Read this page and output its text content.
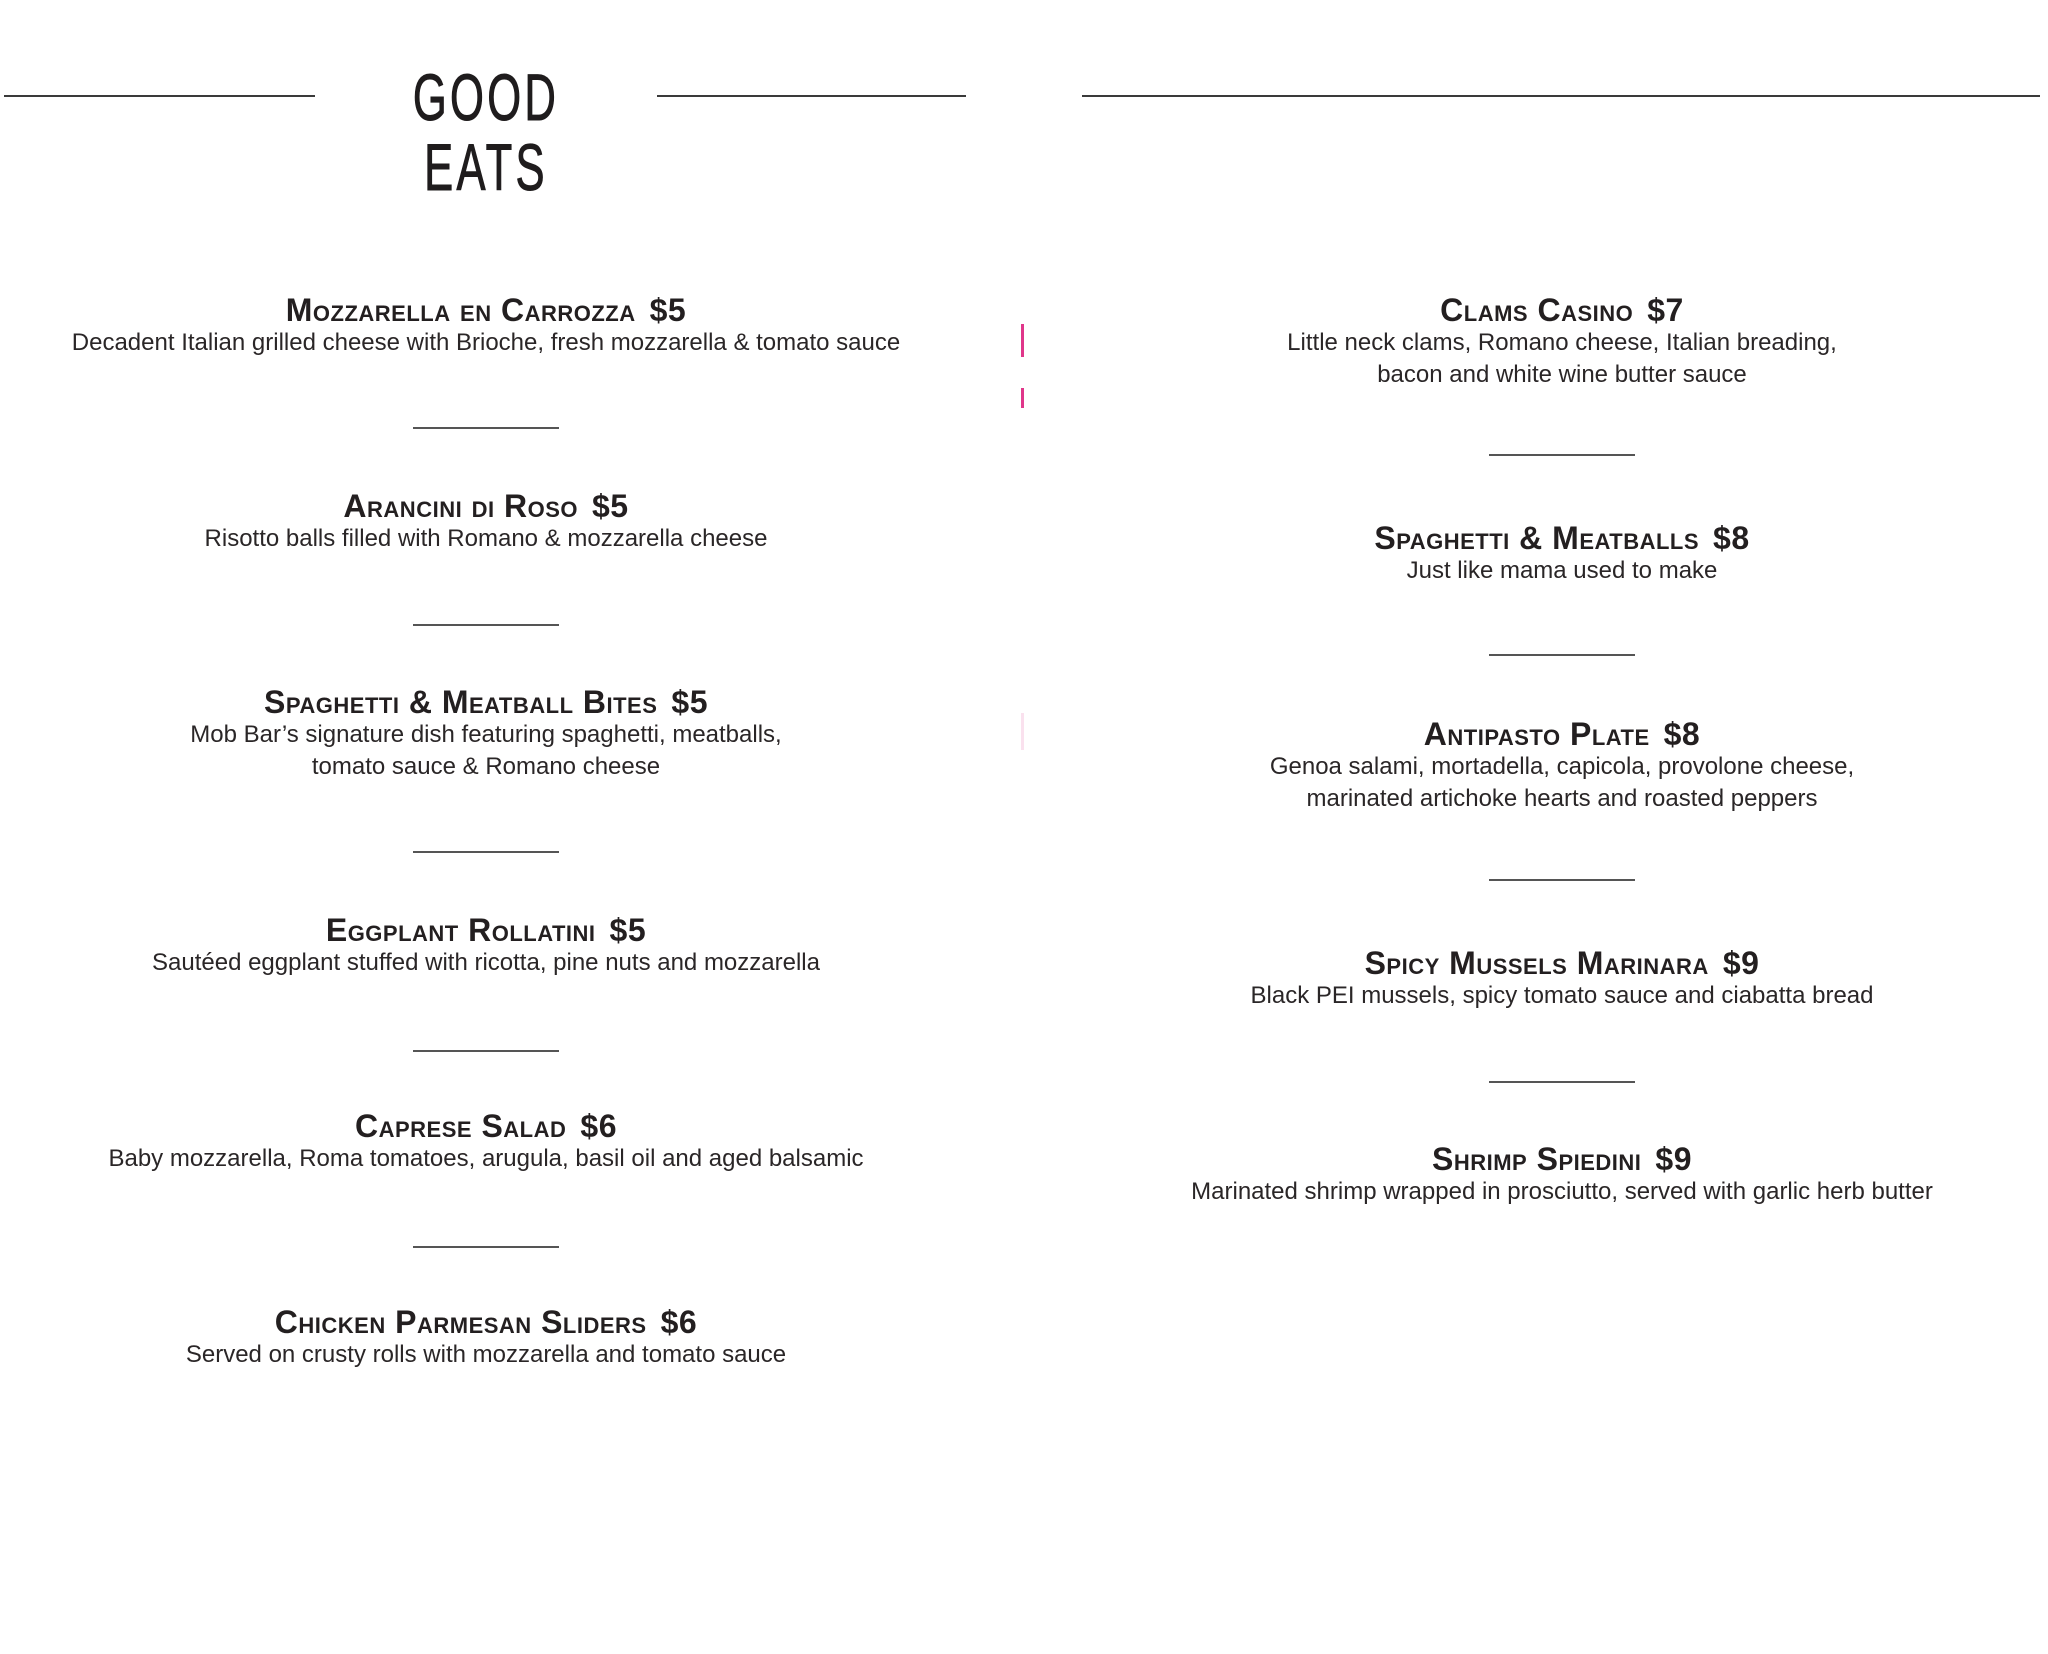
GOOD EATS
Mozzarella en Carrozza $5
Decadent Italian grilled cheese with Brioche, fresh mozzarella & tomato sauce
Arancini di Roso $5
Risotto balls filled with Romano & mozzarella cheese
Spaghetti & Meatball Bites $5
Mob Bar’s signature dish featuring spaghetti, meatballs,
tomato sauce & Romano cheese
Eggplant Rollatini $5
Sautéed eggplant stuffed with ricotta, pine nuts and mozzarella
Caprese Salad $6
Baby mozzarella, Roma tomatoes, arugula, basil oil and aged balsamic
Chicken Parmesan Sliders $6
Served on crusty rolls with mozzarella and tomato sauce
Clams Casino $7
Little neck clams, Romano cheese, Italian breading,
bacon and white wine butter sauce
Spaghetti & Meatballs $8
Just like mama used to make
Antipasto Plate $8
Genoa salami, mortadella, capicola, provolone cheese,
marinated artichoke hearts and roasted peppers
Spicy Mussels Marinara $9
Black PEI mussels, spicy tomato sauce and ciabatta bread
Shrimp Spiedini $9
Marinated shrimp wrapped in prosciutto, served with garlic herb butter
